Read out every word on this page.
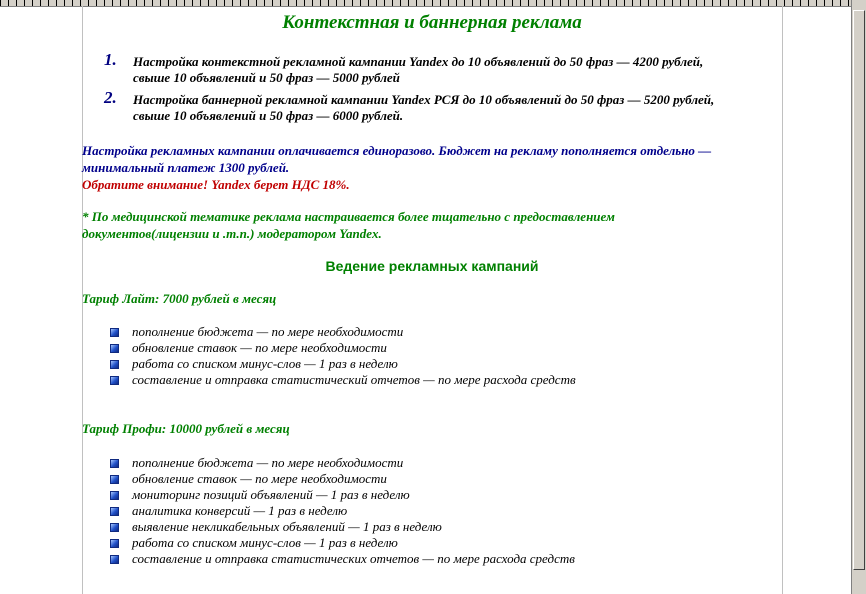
Контекстная и баннерная реклама
1. Настройка контекстной рекламной кампании Yandex до 10 объявлений до 50 фраз — 4200 рублей,
свыше 10 объявлений и 50 фраз — 5000 рублей
2. Настройка баннерной рекламной кампании Yandex РСЯ до 10 объявлений до 50 фраз — 5200 рублей,
свыше 10 объявлений и 50 фраз — 6000 рублей.
Настройка рекламных кампании оплачивается единоразово. Бюджет на рекламу пополняется отдельно —
минимальный платеж 1300 рублей.
Обратите внимание! Yandex берет НДС 18%.
* По медицинской тематике реклама настраивается более тщательно с предоставлением
документов(лицензии и .т.п.) модератором Yandex.
Ведение рекламных кампаний
Тариф Лайт: 7000 рублей в месяц
пополнение бюджета — по мере необходимости
обновление ставок — по мере необходимости
работа со списком минус-слов — 1 раз в неделю
составление и отправка статистический отчетов — по мере расхода средств
Тариф Профи: 10000 рублей в месяц
пополнение бюджета — по мере необходимости
обновление ставок — по мере необходимости
мониторинг позиций объявлений — 1 раз в неделю
аналитика конверсий — 1 раз в неделю
выявление некликабельных объявлений — 1 раз в неделю
работа со списком минус-слов — 1 раз в неделю
составление и отправка статистических отчетов — по мере расхода средств
